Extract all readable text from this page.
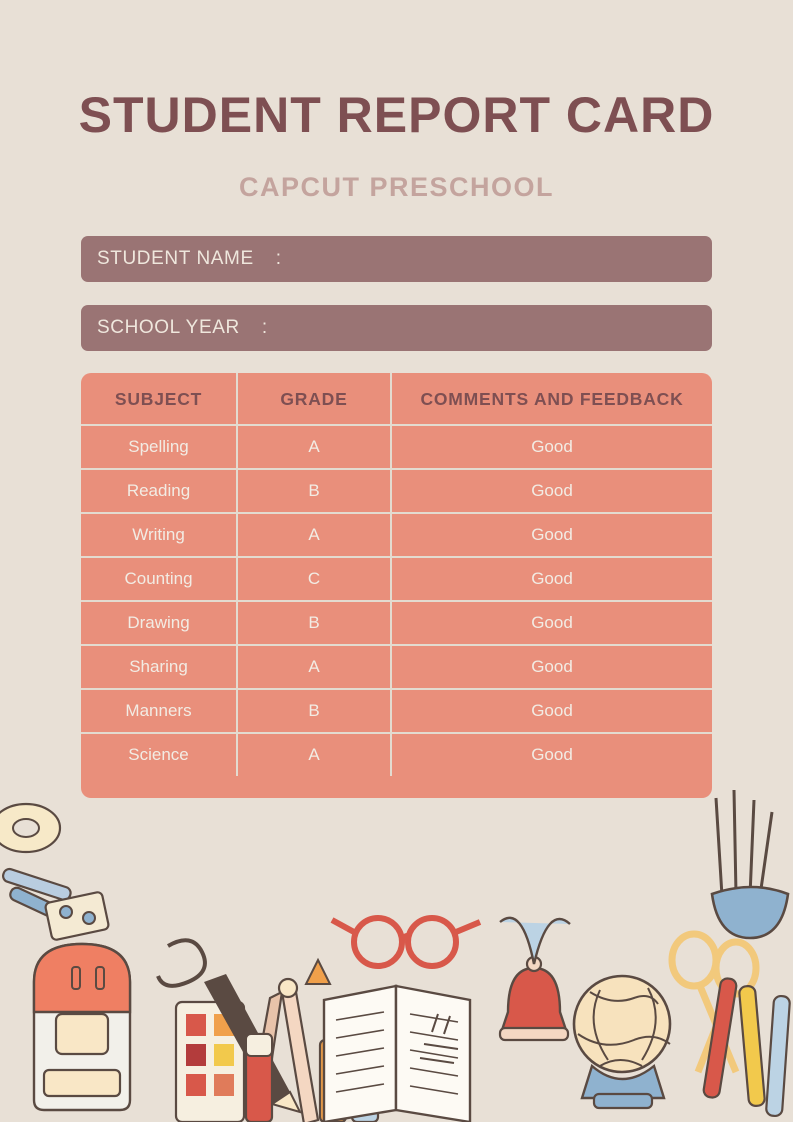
STUDENT REPORT CARD
CAPCUT PRESCHOOL
STUDENT NAME :
SCHOOL YEAR :
SUBJECT	GRADE	COMMENTS AND FEEDBACK
Spelling	A	Good
Reading	B	Good
Writing	A	Good
Counting	C	Good
Drawing	B	Good
Sharing	A	Good
Manners	B	Good
Science	A	Good
